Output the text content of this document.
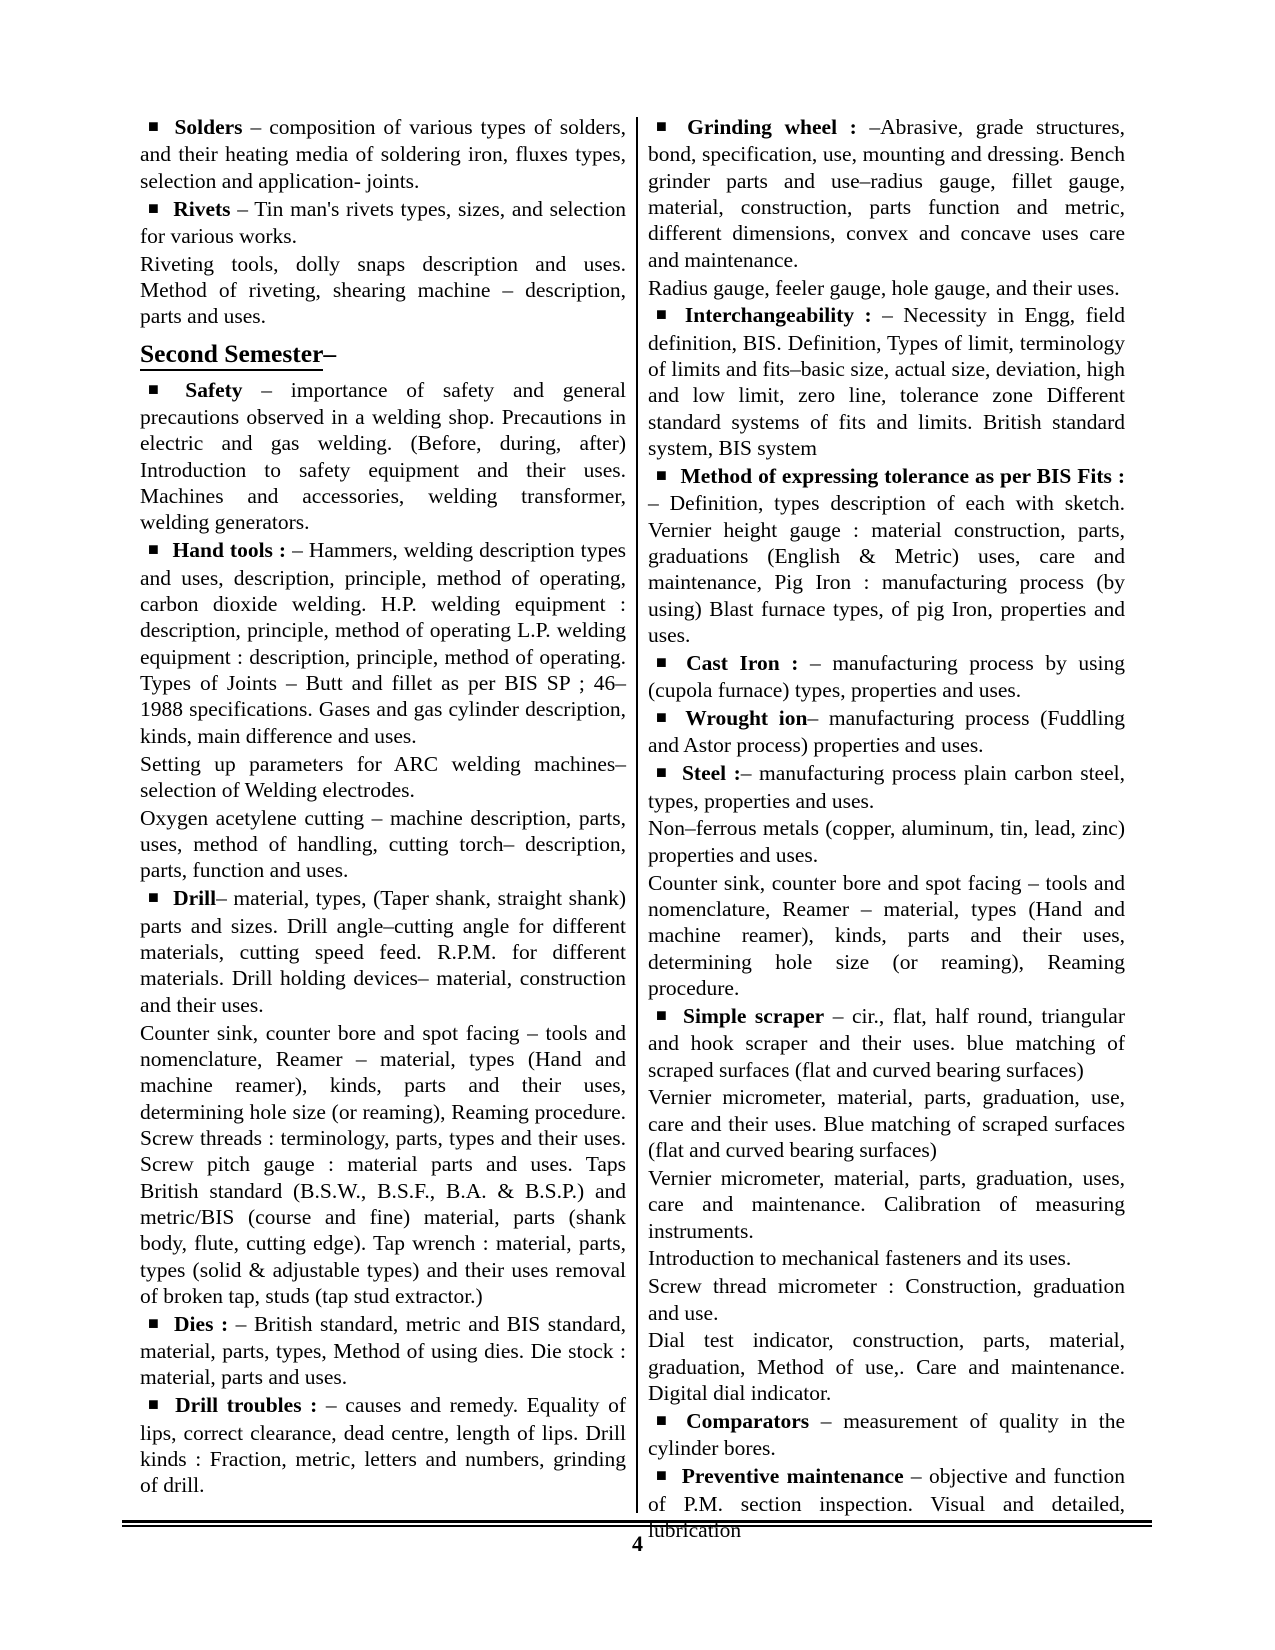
■ Solders – composition of various types of solders, and their heating media of soldering iron, fluxes types, selection and application- joints.

■ Rivets – Tin man's rivets types, sizes, and selection for various works.

Riveting tools, dolly snaps description and uses. Method of riveting, shearing machine – description, parts and uses.

Second Semester–

■ Safety – importance of safety and general precautions observed in a welding shop. Precautions in electric and gas welding. (Before, during, after) Introduction to safety equipment and their uses. Machines and accessories, welding transformer, welding generators.

■ Hand tools : – Hammers, welding description types and uses, description, principle, method of operating, carbon dioxide welding. H.P. welding equipment : description, principle, method of operating L.P. welding equipment : description, principle, method of operating. Types of Joints – Butt and fillet as per BIS SP ; 46–1988 specifications. Gases and gas cylinder description, kinds, main difference and uses.

Setting up parameters for ARC welding machines– selection of Welding electrodes.

Oxygen acetylene cutting – machine description, parts, uses, method of handling, cutting torch– description, parts, function and uses.

■ Drill– material, types, (Taper shank, straight shank) parts and sizes. Drill angle–cutting angle for different materials, cutting speed feed. R.P.M. for different materials. Drill holding devices– material, construction and their uses.

Counter sink, counter bore and spot facing – tools and nomenclature, Reamer – material, types (Hand and machine reamer), kinds, parts and their uses, determining hole size (or reaming), Reaming procedure. Screw threads : terminology, parts, types and their uses. Screw pitch gauge : material parts and uses. Taps British standard (B.S.W., B.S.F., B.A. & B.S.P.) and metric/BIS (course and fine) material, parts (shank body, flute, cutting edge). Tap wrench : material, parts, types (solid & adjustable types) and their uses removal of broken tap, studs (tap stud extractor.)

■ Dies : – British standard, metric and BIS standard, material, parts, types, Method of using dies. Die stock : material, parts and uses.

■ Drill troubles : – causes and remedy. Equality of lips, correct clearance, dead centre, length of lips. Drill kinds : Fraction, metric, letters and numbers, grinding of drill.

■ Grinding wheel : –Abrasive, grade structures, bond, specification, use, mounting and dressing. Bench grinder parts and use–radius gauge, fillet gauge, material, construction, parts function and metric, different dimensions, convex and concave uses care and maintenance.

Radius gauge, feeler gauge, hole gauge, and their uses.

■ Interchangeability : – Necessity in Engg, field definition, BIS. Definition, Types of limit, terminology of limits and fits–basic size, actual size, deviation, high and low limit, zero line, tolerance zone Different standard systems of fits and limits. British standard system, BIS system

■ Method of expressing tolerance as per BIS Fits : – Definition, types description of each with sketch. Vernier height gauge : material construction, parts, graduations (English & Metric) uses, care and maintenance, Pig Iron : manufacturing process (by using) Blast furnace types, of pig Iron, properties and uses.

■ Cast Iron : – manufacturing process by using (cupola furnace) types, properties and uses.

■ Wrought ion– manufacturing process (Fuddling and Astor process) properties and uses.

■ Steel :– manufacturing process plain carbon steel, types, properties and uses.

Non–ferrous metals (copper, aluminum, tin, lead, zinc) properties and uses.

Counter sink, counter bore and spot facing – tools and nomenclature, Reamer – material, types (Hand and machine reamer), kinds, parts and their uses, determining hole size (or reaming), Reaming procedure.

■ Simple scraper – cir., flat, half round, triangular and hook scraper and their uses. blue matching of scraped surfaces (flat and curved bearing surfaces)

Vernier micrometer, material, parts, graduation, use, care and their uses. Blue matching of scraped surfaces (flat and curved bearing surfaces)

Vernier micrometer, material, parts, graduation, uses, care and maintenance. Calibration of measuring instruments.

Introduction to mechanical fasteners and its uses.

Screw thread micrometer : Construction, graduation and use.

Dial test indicator, construction, parts, material, graduation, Method of use,. Care and maintenance. Digital dial indicator.

■ Comparators – measurement of quality in the cylinder bores.

■ Preventive maintenance – objective and function of P.M. section inspection. Visual and detailed, lubrication

4
